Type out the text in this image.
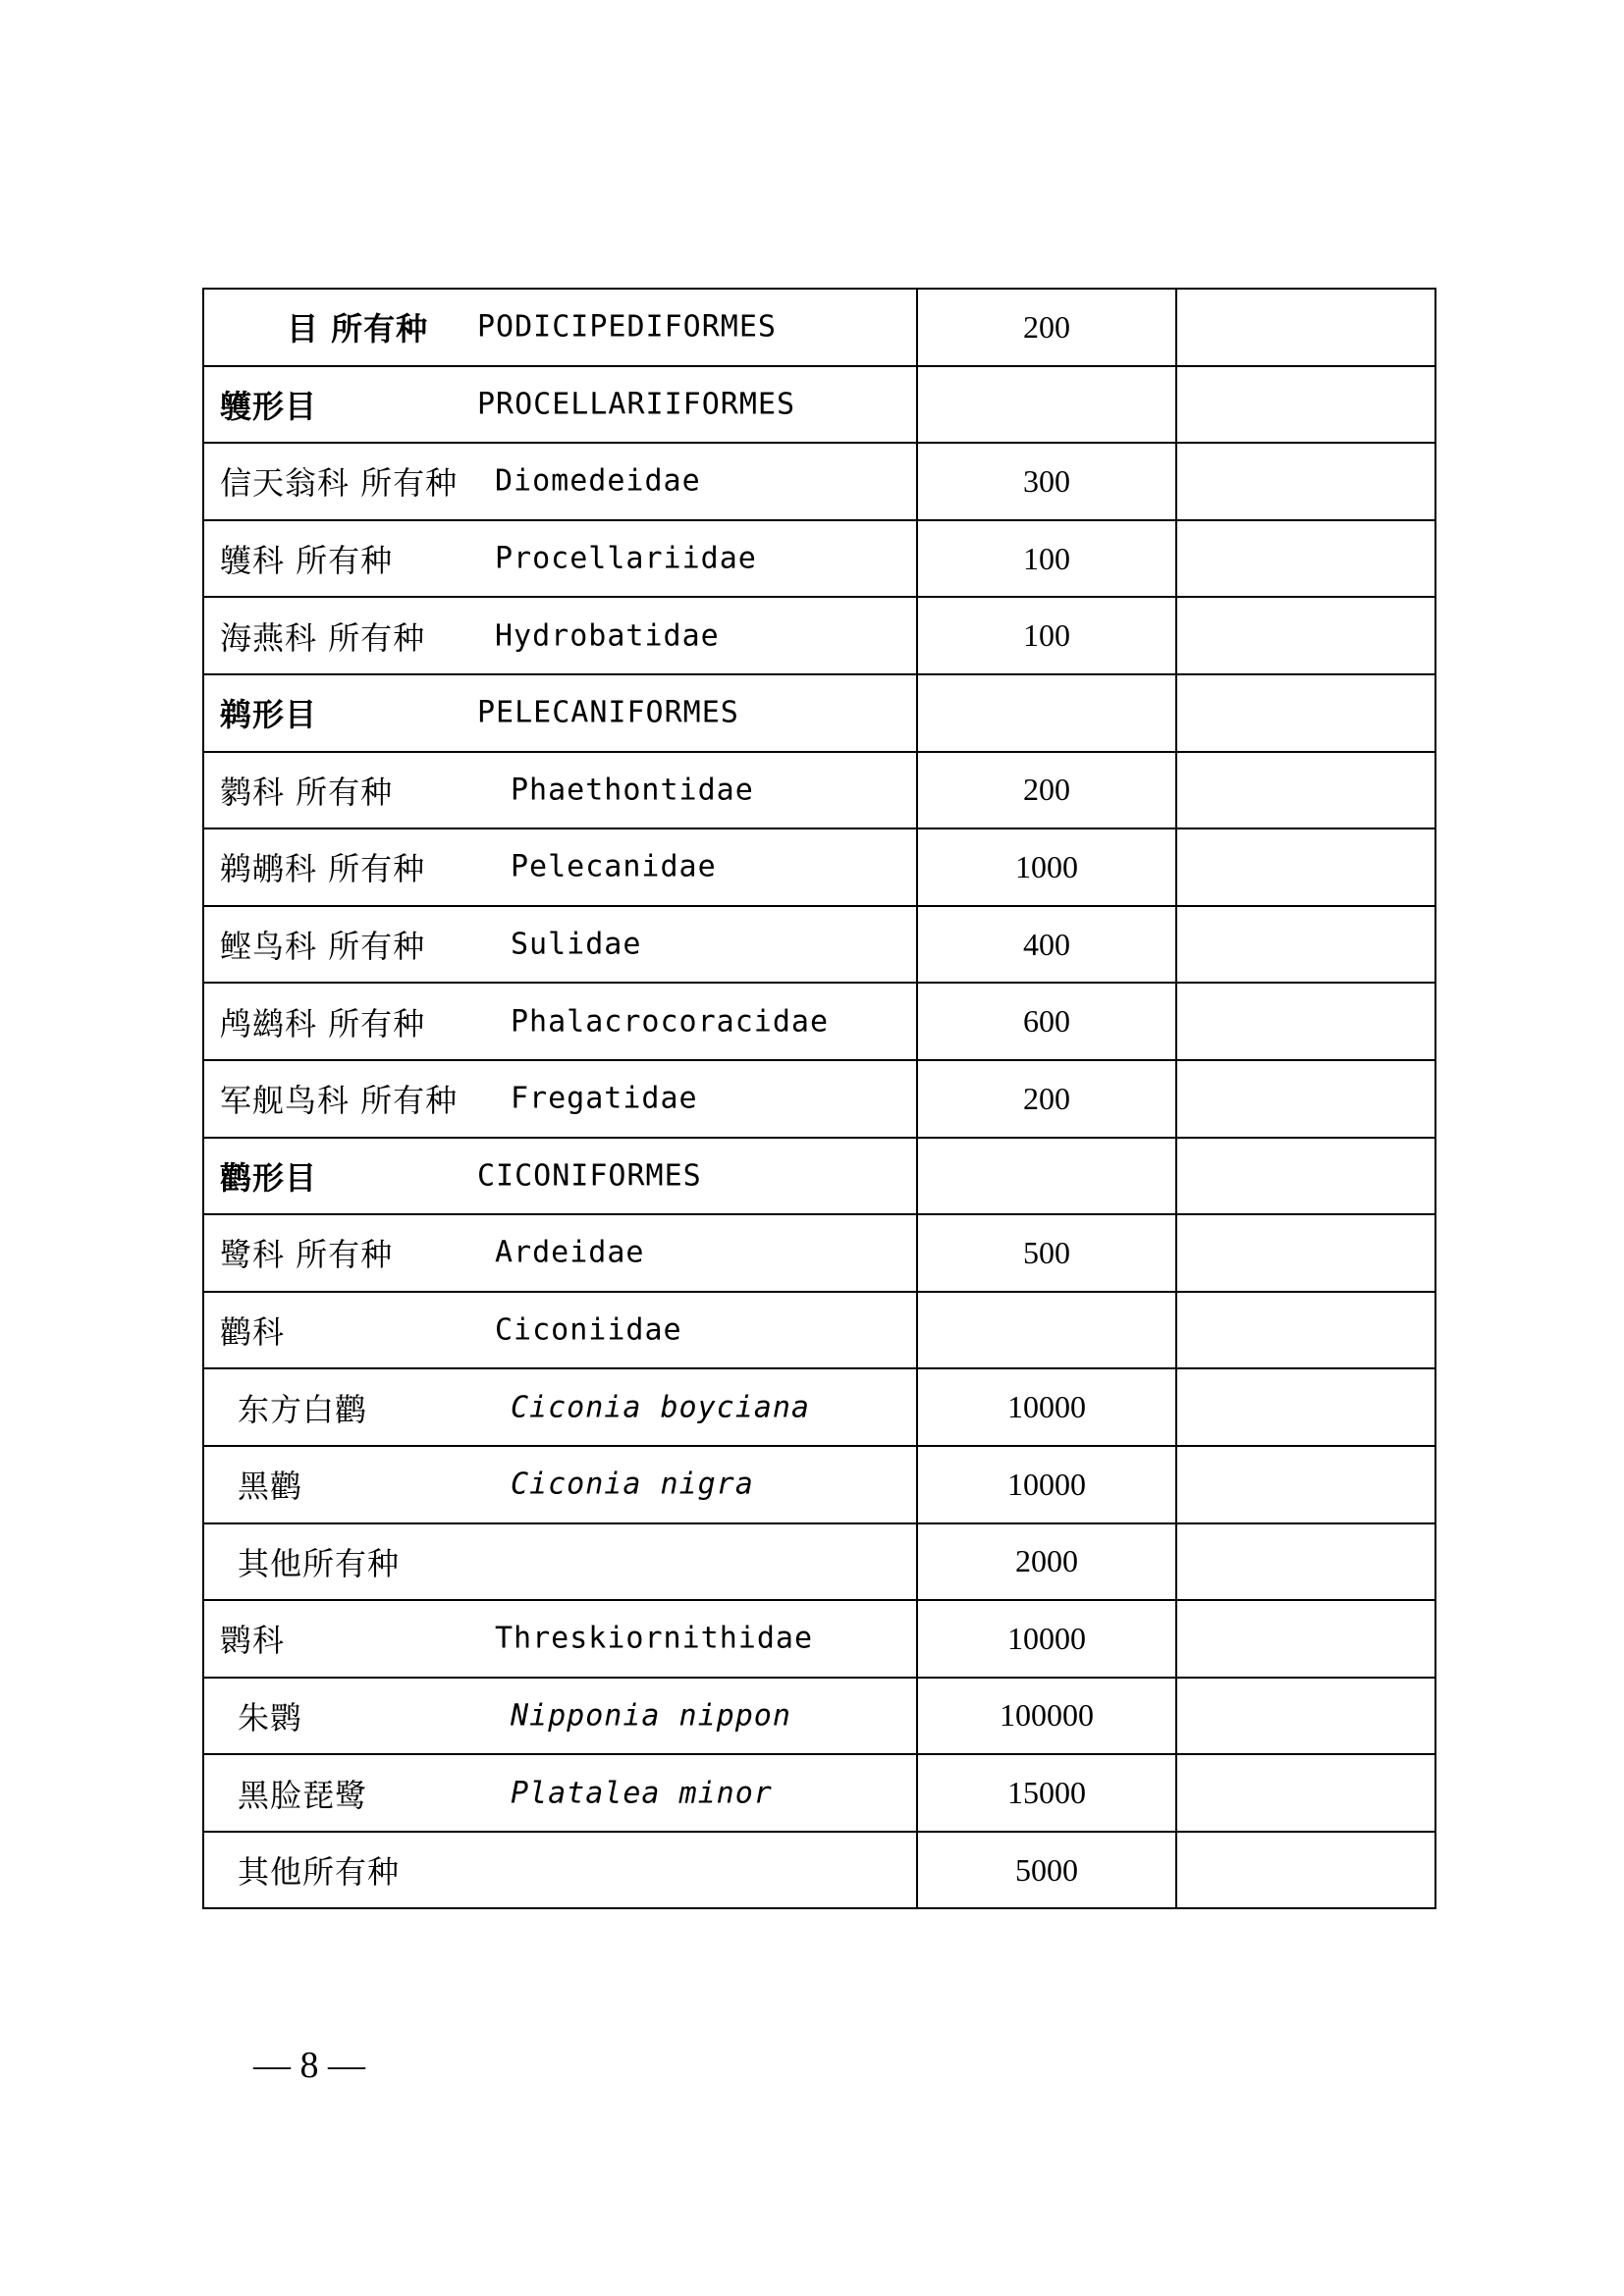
目 所有种 PODICIPEDIFORMES	200	

鹱形目 PROCELLARIIFORMES		

信天翁科 所有种 Diomedeidae	300	

鹱科 所有种 Procellariidae	100	

海燕科 所有种 Hydrobatidae	100	

鹈形目 PELECANIFORMES		

鹲科 所有种 Phaethontidae	200	

鹈鹕科 所有种 Pelecanidae	1000	

鲣鸟科 所有种 Sulidae	400	

鸬鹚科 所有种 Phalacrocoracidae	600	

军舰鸟科 所有种 Fregatidae	200	

鹳形目 CICONIFORMES		

鹭科 所有种 Ardeidae	500	

鹳科 Ciconiidae		

东方白鹳 Ciconia boyciana	10000	

黑鹳 Ciconia nigra	10000	

其他所有种	2000	

鹮科 Threskiornithidae	10000	

朱鹮 Nipponia nippon	100000	

黑脸琵鹭 Platalea minor	15000	

其他所有种	5000	
— 8 —
